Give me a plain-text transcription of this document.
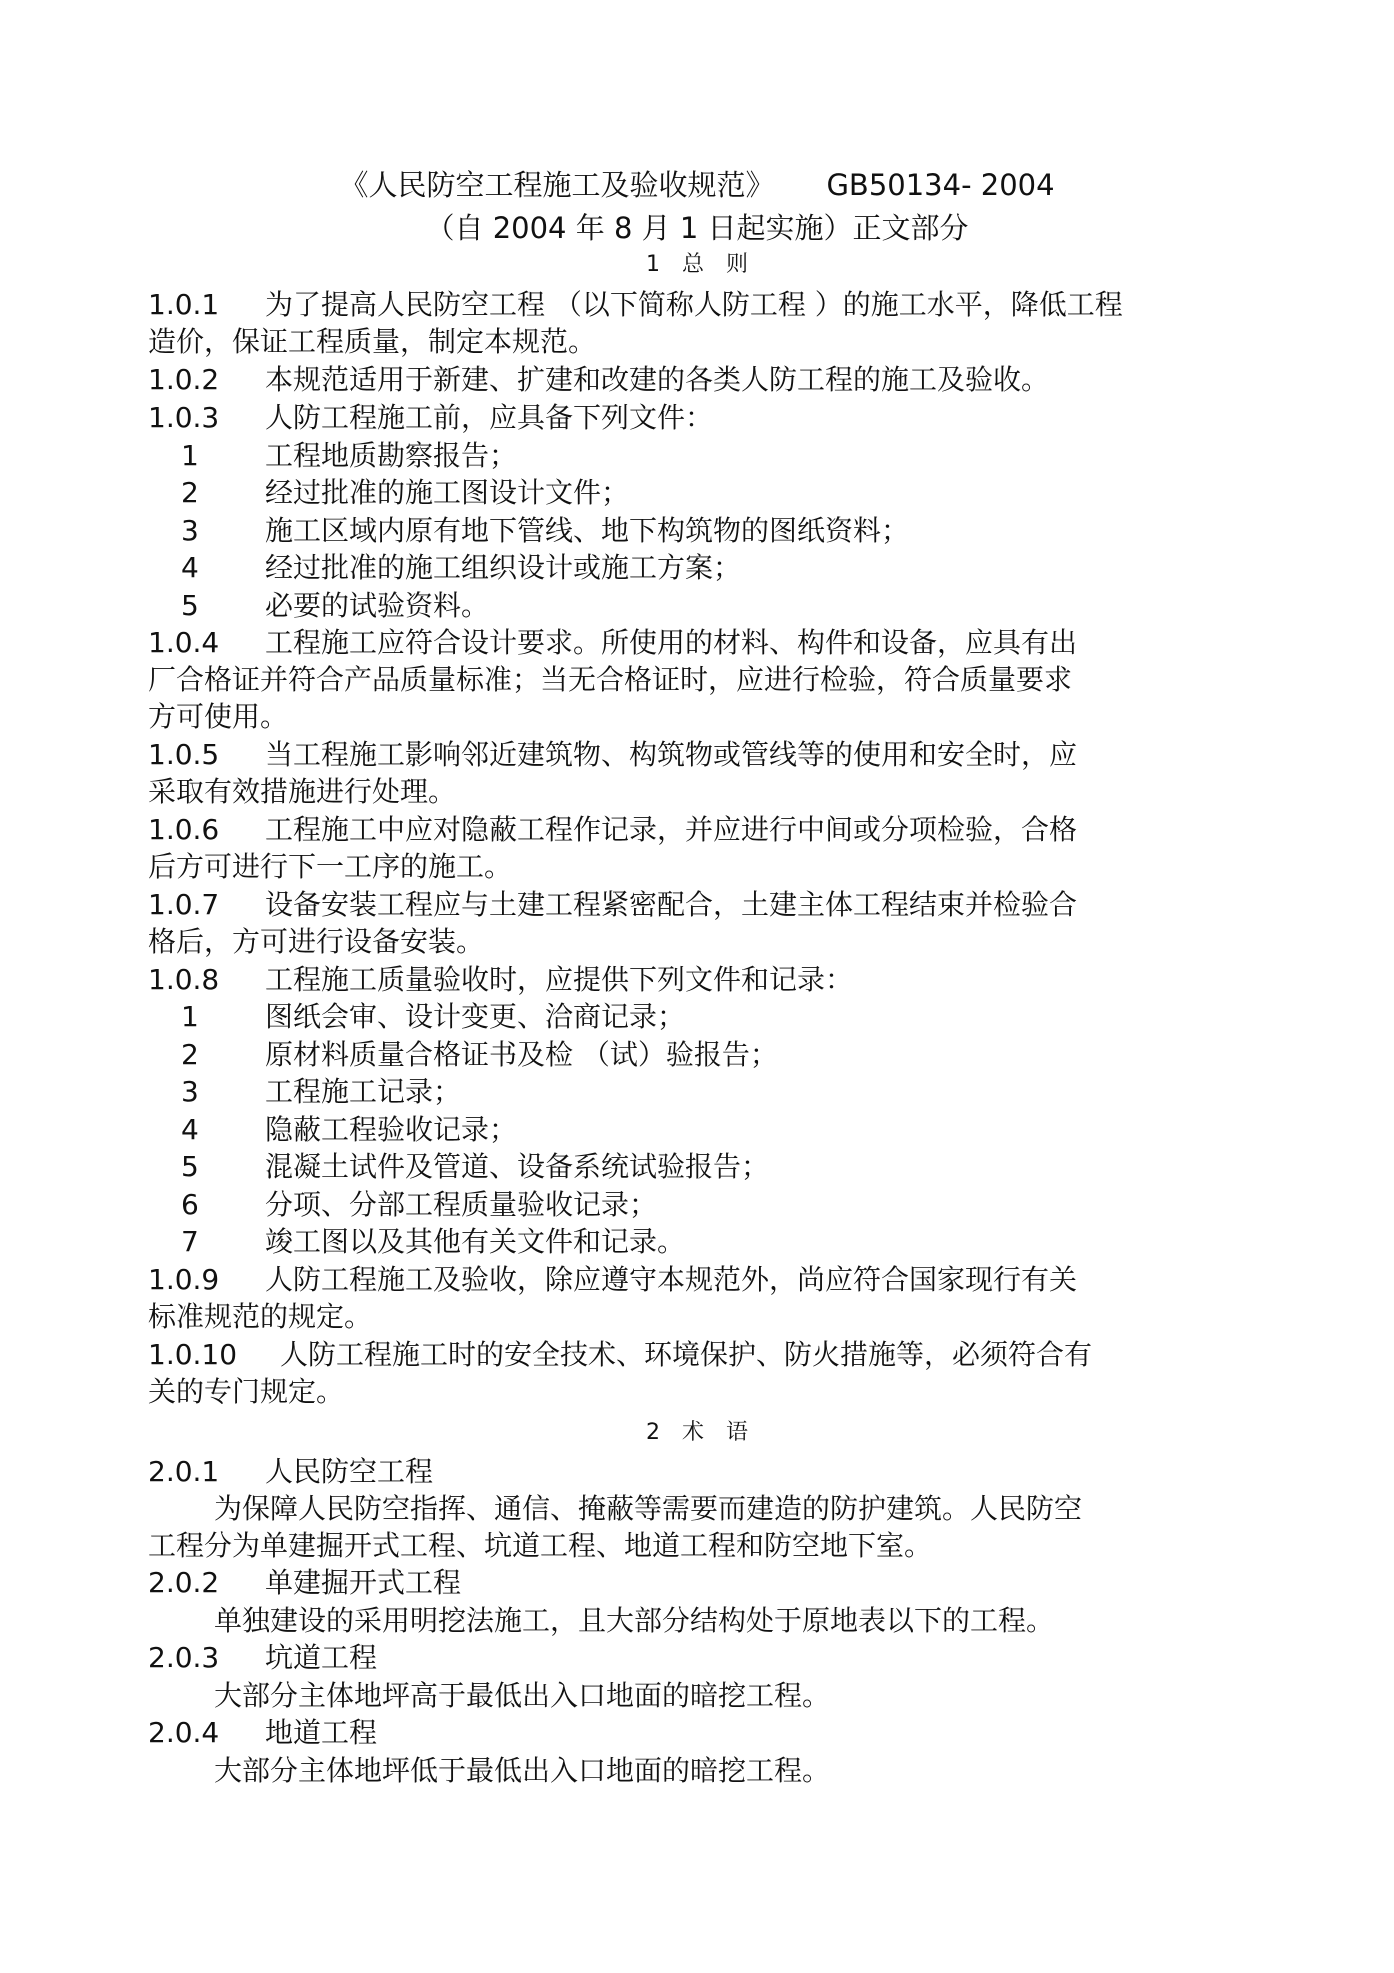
《人民防空工程施工及验收规范》 GB50134- 2004
（自 2004 年 8 月 1 日起实施）正文部分
1　总　则
1.0.1 为了提高人民防空工程 （以下简称人防工程 ）的施工水平，降低工程
造价，保证工程质量，制定本规范。
1.0.2 本规范适用于新建、扩建和改建的各类人防工程的施工及验收。
1.0.3 人防工程施工前，应具备下列文件：
1 工程地质勘察报告；
2 经过批准的施工图设计文件；
3 施工区域内原有地下管线、地下构筑物的图纸资料；
4 经过批准的施工组织设计或施工方案；
5 必要的试验资料。
1.0.4 工程施工应符合设计要求。所使用的材料、构件和设备，应具有出
厂合格证并符合产品质量标准；当无合格证时，应进行检验，符合质量要求
方可使用。
1.0.5 当工程施工影响邻近建筑物、构筑物或管线等的使用和安全时，应
采取有效措施进行处理。
1.0.6 工程施工中应对隐蔽工程作记录，并应进行中间或分项检验，合格
后方可进行下一工序的施工。
1.0.7 设备安装工程应与土建工程紧密配合，土建主体工程结束并检验合
格后，方可进行设备安装。
1.0.8 工程施工质量验收时，应提供下列文件和记录：
1 图纸会审、设计变更、洽商记录；
2 原材料质量合格证书及检 （试）验报告；
3 工程施工记录；
4 隐蔽工程验收记录；
5 混凝土试件及管道、设备系统试验报告；
6 分项、分部工程质量验收记录；
7 竣工图以及其他有关文件和记录。
1.0.9 人防工程施工及验收，除应遵守本规范外，尚应符合国家现行有关
标准规范的规定。
1.0.10 人防工程施工时的安全技术、环境保护、防火措施等，必须符合有
关的专门规定。
2　术　语
2.0.1 人民防空工程
为保障人民防空指挥、通信、掩蔽等需要而建造的防护建筑。人民防空
工程分为单建掘开式工程、坑道工程、地道工程和防空地下室。
2.0.2 单建掘开式工程
单独建设的采用明挖法施工，且大部分结构处于原地表以下的工程。
2.0.3 坑道工程
大部分主体地坪高于最低出入口地面的暗挖工程。
2.0.4 地道工程
大部分主体地坪低于最低出入口地面的暗挖工程。
